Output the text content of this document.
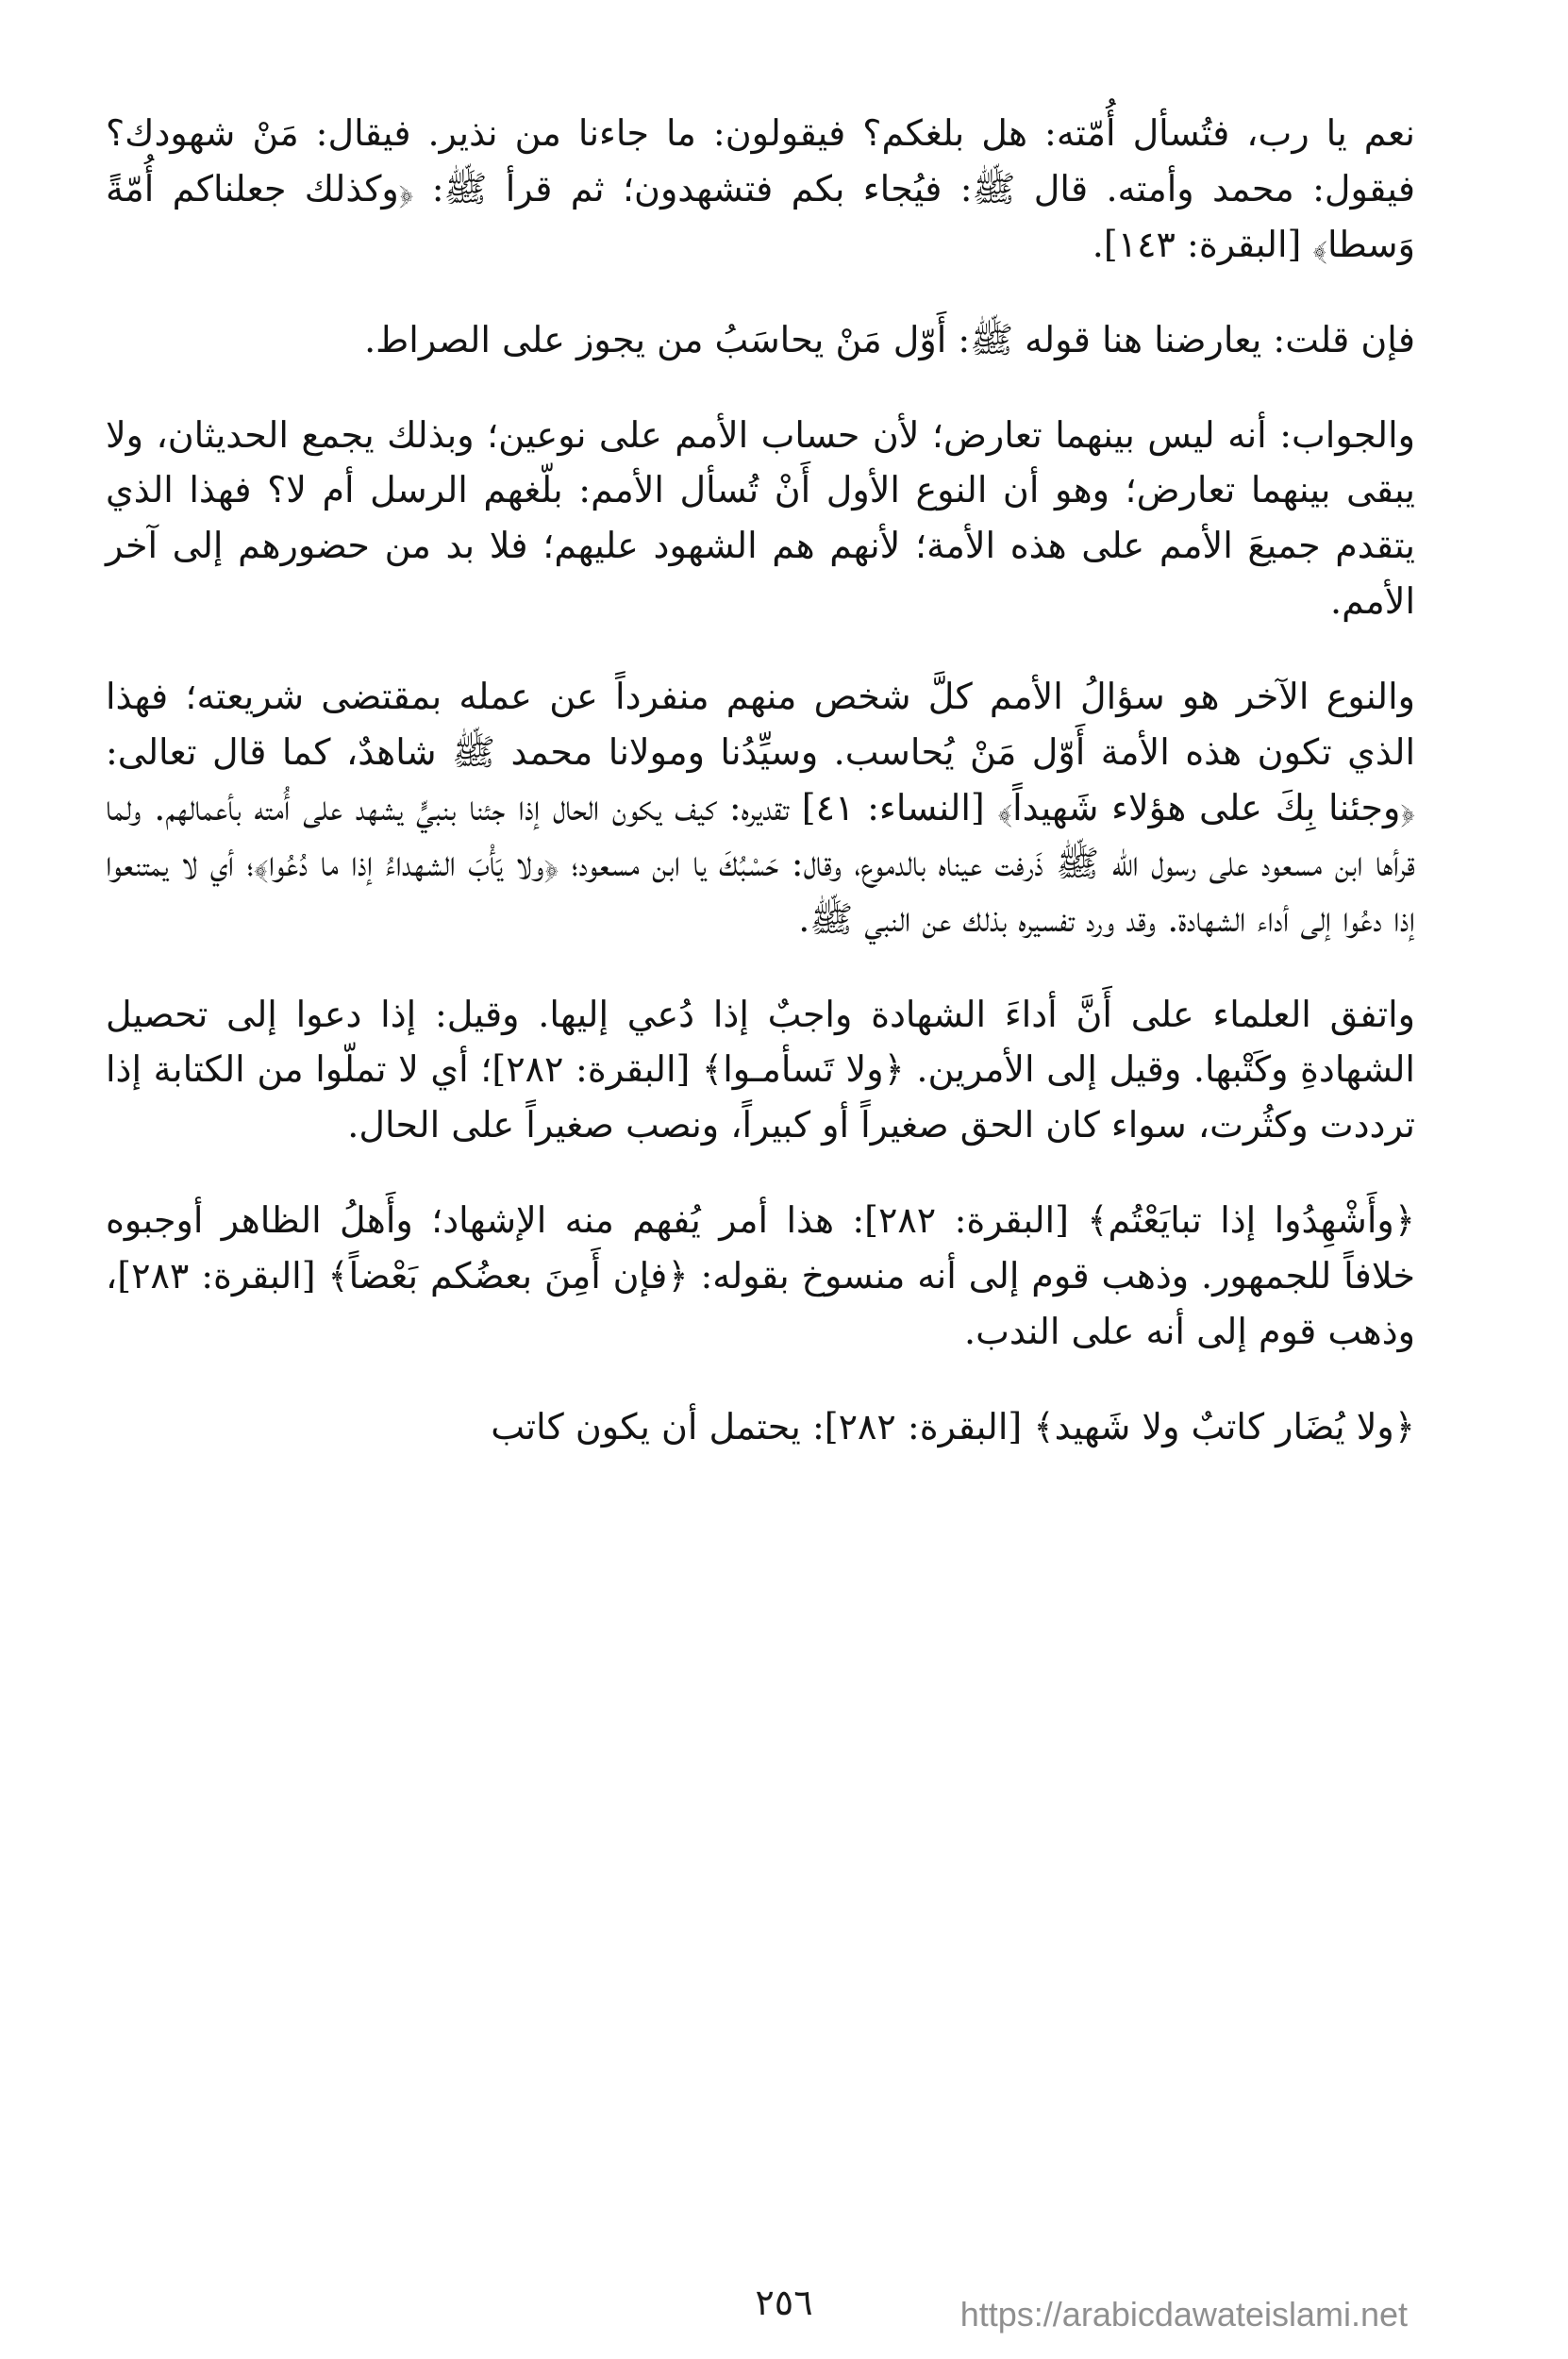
نعم يا رب، فتُسأل أُمّته: هل بلغكم؟ فيقولون: ما جاءنا من نذير. فيقال: مَنْ شهودك؟ فيقول: محمد وأمته. قال ﷺ: فيُجاء بكم فتشهدون؛ ثم قرأ ﷺ: ﴿وكذلك جعلناكم أُمّةً وَسطا﴾ [البقرة: ١٤٣].

فإن قلت: يعارضنا هنا قوله ﷺ: أَوّل مَنْ يحاسَبُ من يجوز على الصراط.

والجواب: أنه ليس بينهما تعارض؛ لأن حساب الأمم على نوعين؛ وبذلك يجمع الحديثان، ولا يبقى بينهما تعارض؛ وهو أن النوع الأول أَنْ تُسأل الأمم: بلّغهم الرسل أم لا؟ فهذا الذي يتقدم جميعَ الأمم على هذه الأمة؛ لأنهم هم الشهود عليهم؛ فلا بد من حضورهم إلى آخر الأمم.

والنوع الآخر هو سؤالُ الأمم كلَّ شخص منهم منفرداً عن عمله بمقتضى شريعته؛ فهذا الذي تكون هذه الأمة أَوّل مَنْ يُحاسب. وسيِّدُنا ومولانا محمد ﷺ شاهدٌ، كما قال تعالى: ﴿وجئنا بِكَ على هؤلاء شَهيداً﴾ [النساء: ٤١] تقديره: كيف يكون الحال إذا جئنا بنبيٍّ يشهد على أُمته بأعمالهم. ولما قرأها ابن مسعود على رسول الله ﷺ ذَرفت عيناه بالدموع، وقال: حَسْبُكَ يا ابن مسعود؛ ﴿ولا يَأْبَ الشهداءُ إذا ما دُعُوا﴾؛ أي لا يمتنعوا إذا دعُوا إلى أداء الشهادة. وقد ورد تفسيره بذلك عن النبي ﷺ.

واتفق العلماء على أَنَّ أداءَ الشهادة واجبٌ إذا دُعي إليها. وقيل: إذا دعوا إلى تحصيل الشهادةِ وكَتْبها. وقيل إلى الأمرين. ﴿ولا تَسأمـوا﴾ [البقرة: ٢٨٢]؛ أي لا تملّوا من الكتابة إذا ترددت وكثُرت، سواء كان الحق صغيراً أو كبيراً، ونصب صغيراً على الحال.

﴿وأَشْهِدُوا إذا تبايَعْتُم﴾ [البقرة: ٢٨٢]: هذا أمر يُفهم منه الإشهاد؛ وأَهلُ الظاهر أوجبوه خلافاً للجمهور. وذهب قوم إلى أنه منسوخ بقوله: ﴿فإن أَمِنَ بعضُكم بَعْضاً﴾ [البقرة: ٢٨٣]، وذهب قوم إلى أنه على الندب.

﴿ولا يُضَار كاتبٌ ولا شَهيد﴾ [البقرة: ٢٨٢]: يحتمل أن يكون كاتب

٢٥٦	https://arabicdawateislami.net
